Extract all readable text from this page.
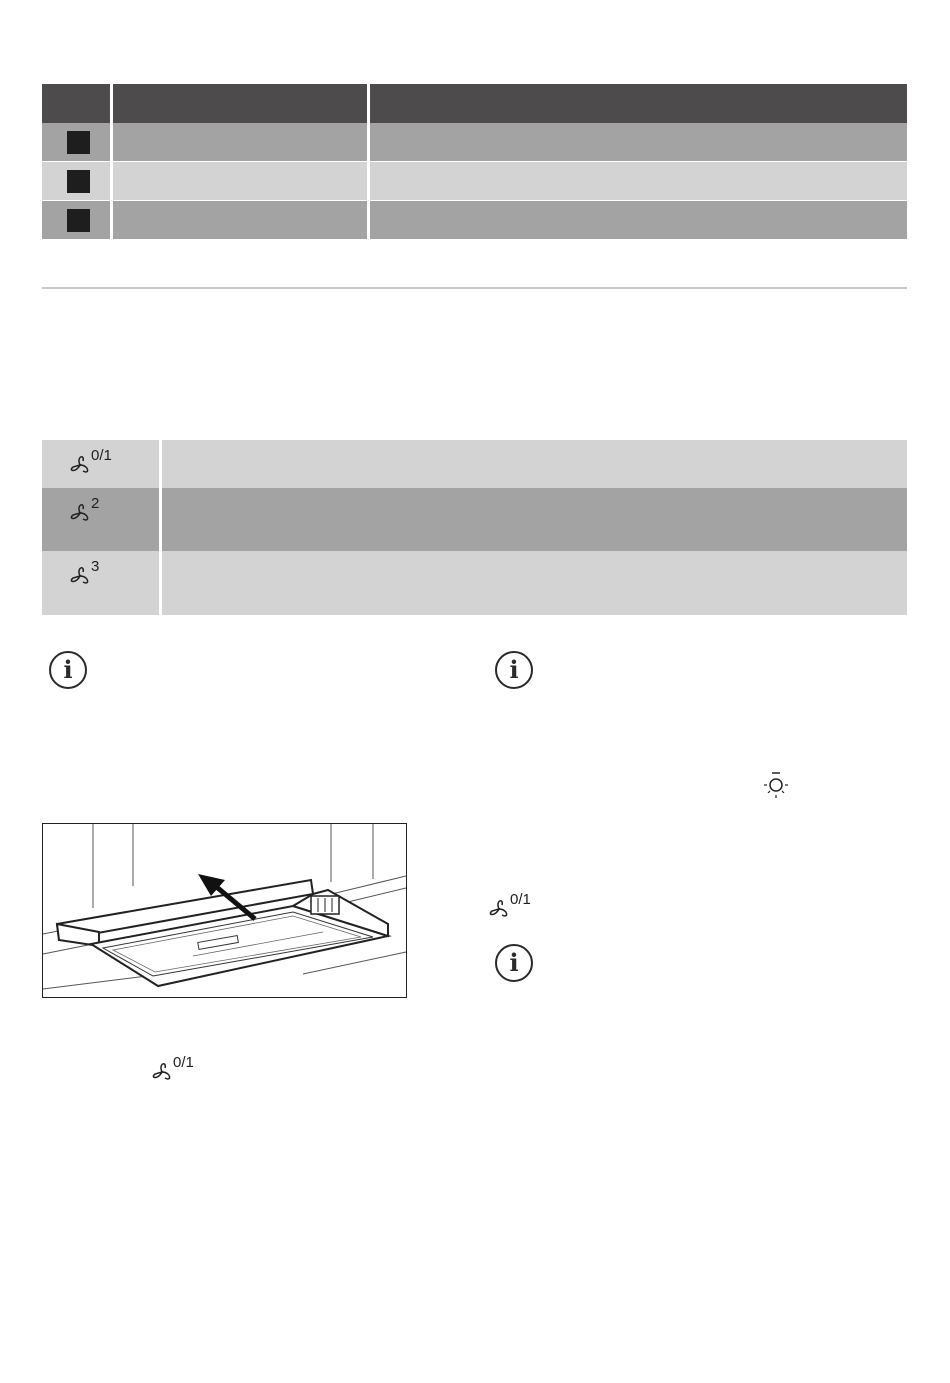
0/1
2
3
i	i
i
0/1
0/1
